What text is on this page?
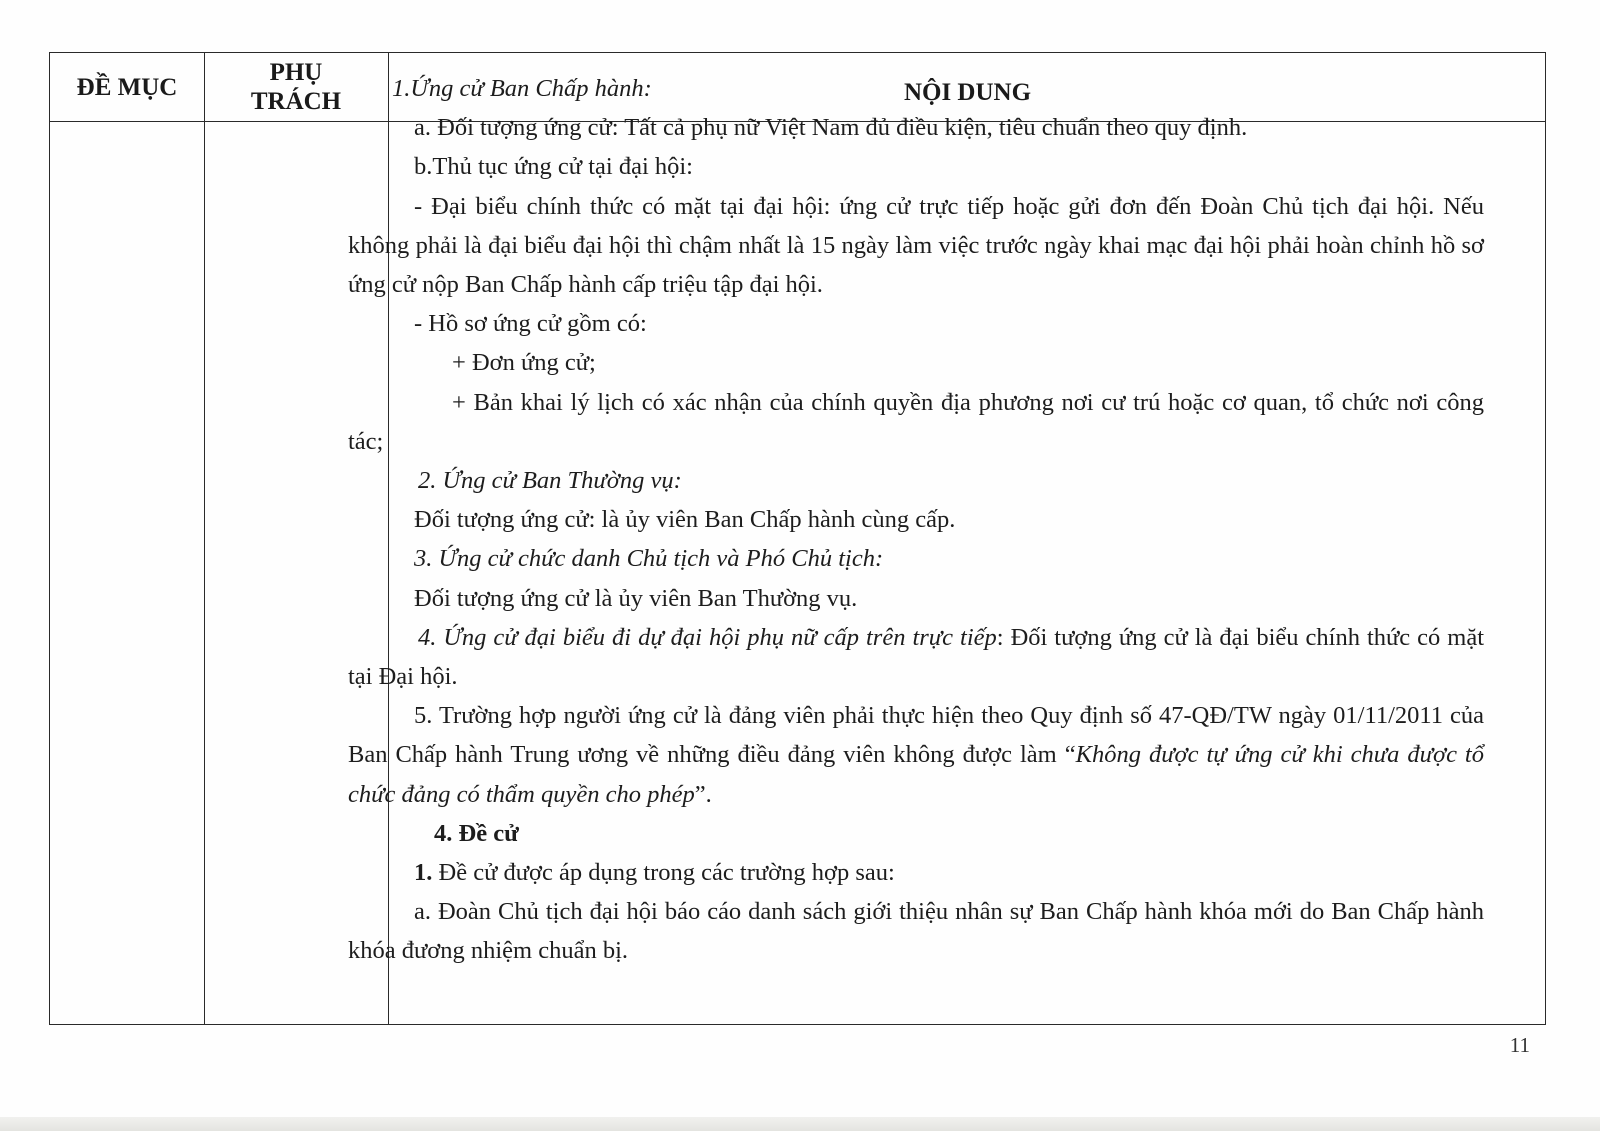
ĐỀ MỤC
PHỤ
TRÁCH	NỘI DUNG

1.Ứng cử Ban Chấp hành:

a. Đối tượng ứng cử: Tất cả phụ nữ Việt Nam đủ điều kiện, tiêu chuẩn theo quy định.

b.Thủ tục ứng cử tại đại hội:

- Đại biểu chính thức có mặt tại đại hội: ứng cử trực tiếp hoặc gửi đơn đến Đoàn Chủ tịch đại hội. Nếu không phải là đại biểu đại hội thì chậm nhất là 15 ngày làm việc trước ngày khai mạc đại hội phải hoàn chỉnh hồ sơ ứng cử nộp Ban Chấp hành cấp triệu tập đại hội.

- Hồ sơ ứng cử gồm có:

+ Đơn ứng cử;

+ Bản khai lý lịch có xác nhận của chính quyền địa phương nơi cư trú hoặc cơ quan, tổ chức nơi công tác;

2. Ứng cử Ban Thường vụ:

Đối tượng ứng cử: là ủy viên Ban Chấp hành cùng cấp.

3. Ứng cử chức danh Chủ tịch và Phó Chủ tịch:

Đối tượng ứng cử là ủy viên Ban Thường vụ.

4. Ứng cử đại biểu đi dự đại hội phụ nữ cấp trên trực tiếp: Đối tượng ứng cử là đại biểu chính thức có mặt tại Đại hội.

5. Trường hợp người ứng cử là đảng viên phải thực hiện theo Quy định số 47-QĐ/TW ngày 01/11/2011 của Ban Chấp hành Trung ương về những điều đảng viên không được làm “Không được tự ứng cử khi chưa được tổ chức đảng có thẩm quyền cho phép”.

4. Đề cử

1. Đề cử được áp dụng trong các trường hợp sau:

a. Đoàn Chủ tịch đại hội báo cáo danh sách giới thiệu nhân sự Ban Chấp hành khóa mới do Ban Chấp hành khóa đương nhiệm chuẩn bị.

11
